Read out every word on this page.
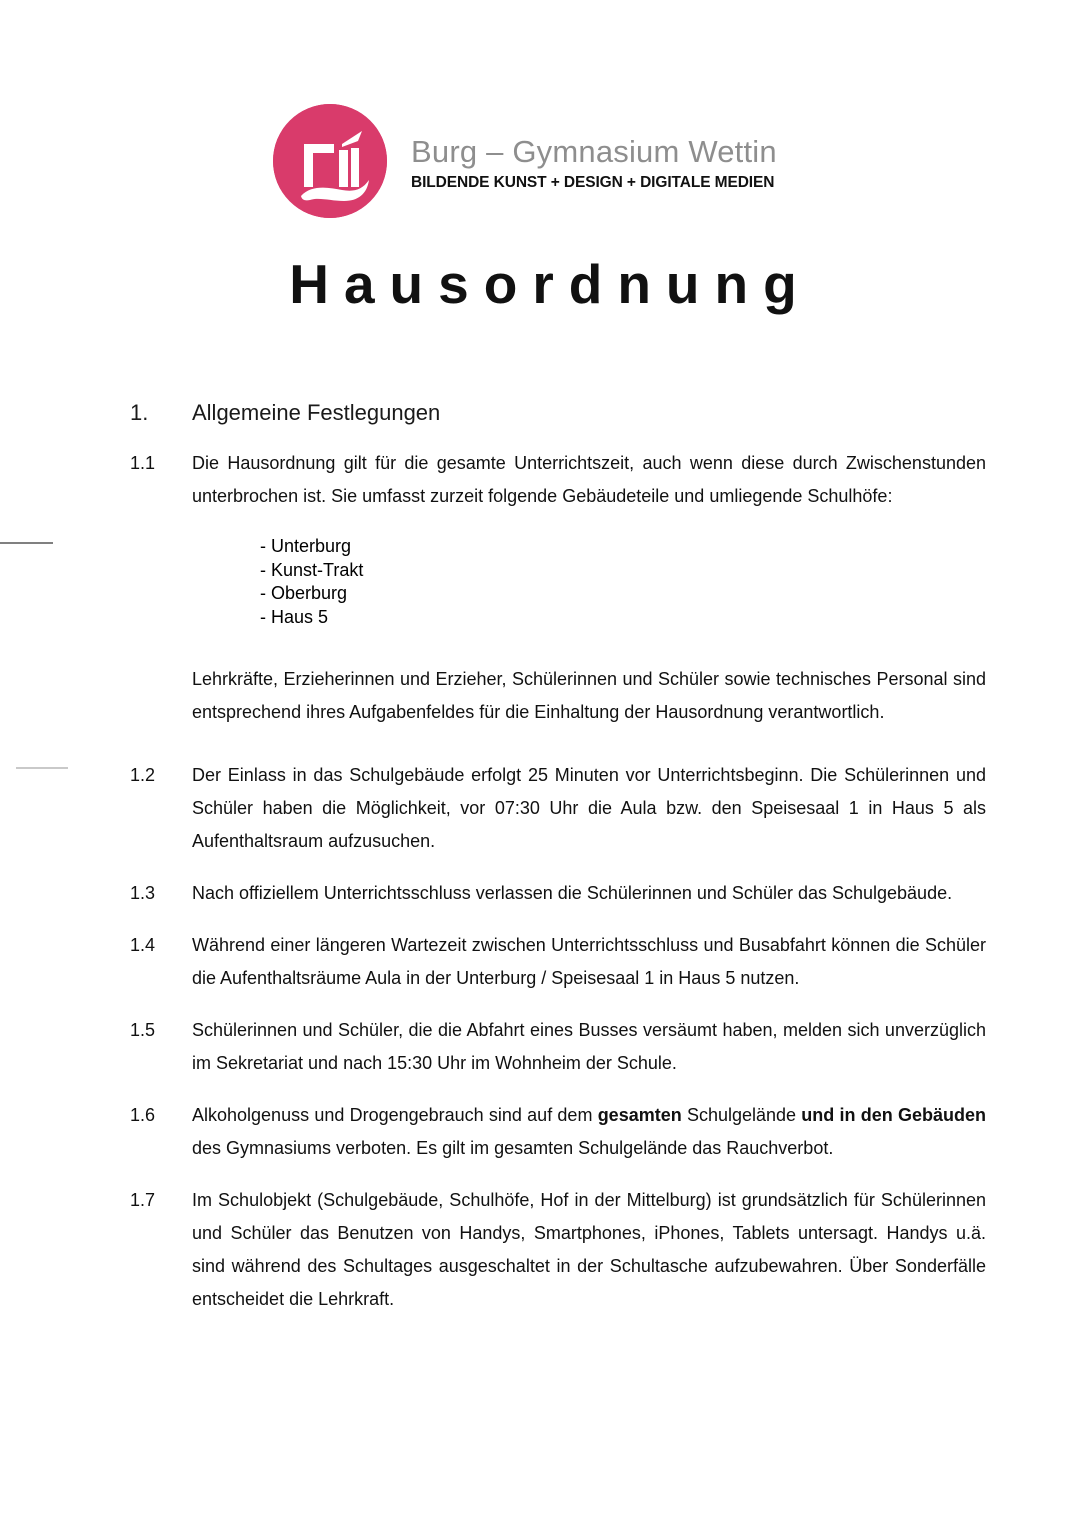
Burg – Gymnasium Wettin
BILDENDE KUNST + DESIGN + DIGITALE MEDIEN
Hausordnung
1.	Allgemeine Festlegungen
1.1	Die Hausordnung gilt für die gesamte Unterrichtszeit, auch wenn diese durch Zwischenstunden unterbrochen ist. Sie umfasst zurzeit folgende Gebäudeteile und umliegende Schulhöfe:
- Unterburg
- Kunst-Trakt
- Oberburg
- Haus 5
Lehrkräfte, Erzieherinnen und Erzieher, Schülerinnen und Schüler sowie technisches Personal sind entsprechend ihres Aufgabenfeldes für die Einhaltung der Hausordnung verantwortlich.
1.2	Der Einlass in das Schulgebäude erfolgt 25 Minuten vor Unterrichtsbeginn. Die Schülerinnen und Schüler haben die Möglichkeit, vor 07:30 Uhr die Aula bzw. den Speisesaal 1 in Haus 5 als Aufenthaltsraum aufzusuchen.
1.3	Nach offiziellem Unterrichtsschluss verlassen die Schülerinnen und Schüler das Schulgebäude.
1.4	Während einer längeren Wartezeit zwischen Unterrichtsschluss und Busabfahrt können die Schüler die Aufenthaltsräume Aula in der Unterburg / Speisesaal 1 in Haus 5 nutzen.
1.5	Schülerinnen und Schüler, die die Abfahrt eines Busses versäumt haben, melden sich unverzüglich im Sekretariat und nach 15:30 Uhr im Wohnheim der Schule.
1.6	Alkoholgenuss und Drogengebrauch sind auf dem gesamten Schulgelände und in den Gebäuden des Gymnasiums verboten. Es gilt im gesamten Schulgelände das Rauchverbot.
1.7	Im Schulobjekt (Schulgebäude, Schulhöfe, Hof in der Mittelburg) ist grundsätzlich für Schülerinnen und Schüler das Benutzen von Handys, Smartphones, iPhones, Tablets untersagt. Handys u.ä. sind während des Schultages ausgeschaltet in der Schultasche aufzubewahren. Über Sonderfälle entscheidet die Lehrkraft.
